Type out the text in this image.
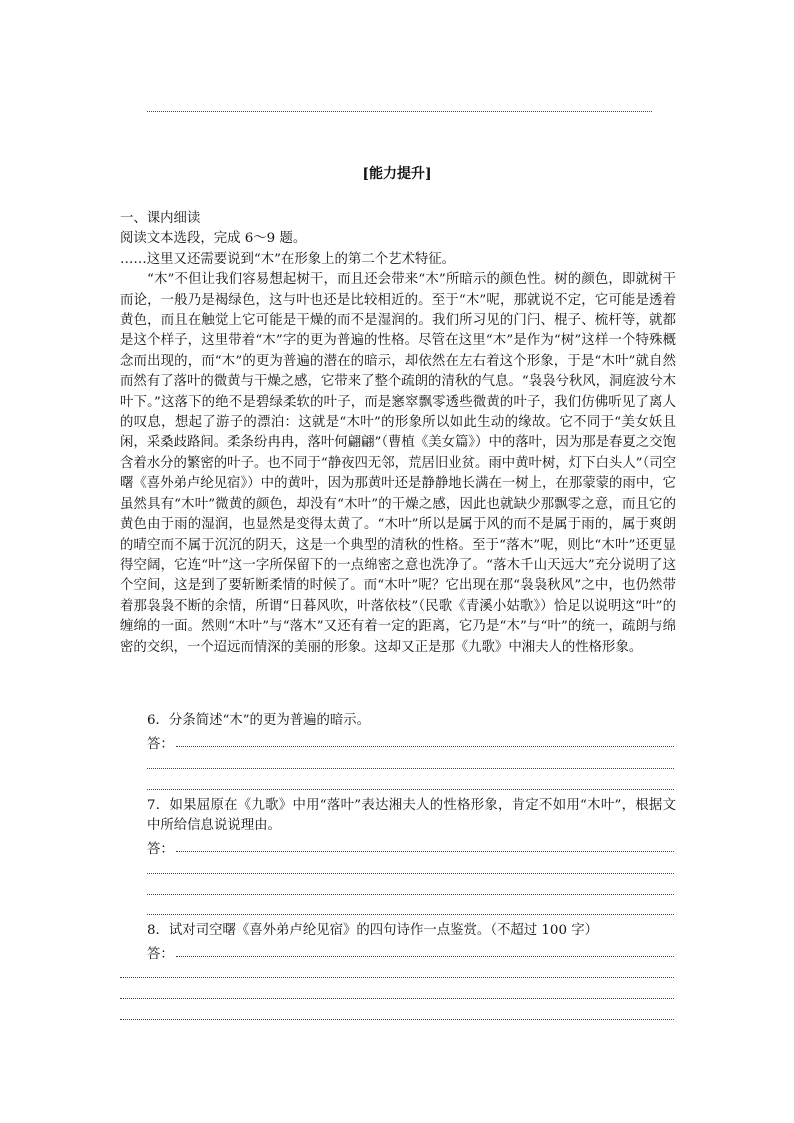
[能力提升]

一、课内细读

阅读文本选段，完成 6～9 题。

……这里又还需要说到“木”在形象上的第二个艺术特征。

“木”不但让我们容易想起树干，而且还会带来“木”所暗示的颜色性。树的颜色，即就树干而论，一般乃是褐绿色，这与叶也还是比较相近的。至于“木”呢，那就说不定，它可能是透着黄色，而且在触觉上它可能是干燥的而不是湿润的。我们所习见的门闩、棍子、梳杆等，就都是这个样子，这里带着“木”字的更为普遍的性格。尽管在这里“木”是作为“树”这样一个特殊概念而出现的，而“木”的更为普遍的潜在的暗示，却依然在左右着这个形象，于是“木叶”就自然而然有了落叶的微黄与干燥之感，它带来了整个疏朗的清秋的气息。“袅袅兮秋风，洞庭波兮木叶下。”这落下的绝不是碧绿柔软的叶子，而是窸窣飘零透些微黄的叶子，我们仿佛听见了离人的叹息，想起了游子的漂泊：这就是“木叶”的形象所以如此生动的缘故。它不同于“美女妖且闲，采桑歧路间。柔条纷冉冉，落叶何翩翩”（曹植《美女篇》）中的落叶，因为那是春夏之交饱含着水分的繁密的叶子。也不同于“静夜四无邻，荒居旧业贫。雨中黄叶树，灯下白头人”（司空曙《喜外弟卢纶见宿》）中的黄叶，因为那黄叶还是静静地长满在一树上，在那蒙蒙的雨中，它虽然具有“木叶”微黄的颜色，却没有“木叶”的干燥之感，因此也就缺少那飘零之意，而且它的黄色由于雨的湿润，也显然是变得太黄了。“木叶”所以是属于风的而不是属于雨的，属于爽朗的晴空而不属于沉沉的阴天，这是一个典型的清秋的性格。至于“落木”呢，则比“木叶”还更显得空阔，它连“叶”这一字所保留下的一点绵密之意也洗净了。“落木千山天远大”充分说明了这个空间，这是到了要斩断柔情的时候了。而“木叶”呢？它出现在那“袅袅秋风”之中，也仍然带着那袅袅不断的余情，所谓“日暮风吹，叶落依枝”（民歌《青溪小姑歌》）恰足以说明这“叶”的缠绵的一面。然则“木叶”与“落木”又还有着一定的距离，它乃是“木”与“叶”的统一，疏朗与绵密的交织，一个迢远而情深的美丽的形象。这却又正是那《九歌》中湘夫人的性格形象。

6．分条简述“木”的更为普遍的暗示。
答：
7．如果屈原在《九歌》中用“落叶”表达湘夫人的性格形象，肯定不如用“木叶”，根据文中所给信息说说理由。
答：
8．试对司空曙《喜外弟卢纶见宿》的四句诗作一点鉴赏。（不超过 100 字）
答：
